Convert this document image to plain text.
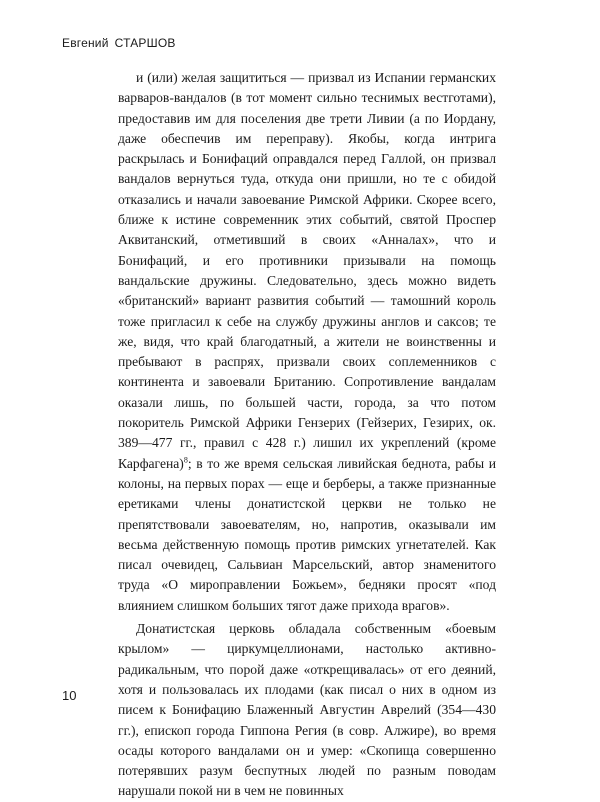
Евгений СТАРШОВ

и (или) желая защититься — призвал из Испании германских варваров-вандалов (в тот момент сильно теснимых вестготами), предоставив им для поселения две трети Ливии (а по Иордану, даже обеспечив им переправу). Якобы, когда интрига раскрылась и Бонифаций оправдался перед Галлой, он призвал вандалов вернуться туда, откуда они пришли, но те с обидой отказались и начали завоевание Римской Африки. Скорее всего, ближе к истине современник этих событий, святой Проспер Аквитанский, отметивший в своих «Анналах», что и Бонифаций, и его противники призывали на помощь вандальские дружины. Следовательно, здесь можно видеть «британский» вариант развития событий — тамошний король тоже пригласил к себе на службу дружины англов и саксов; те же, видя, что край благодатный, а жители не воинственны и пребывают в распрях, призвали своих соплеменников с континента и завоевали Британию. Сопротивление вандалам оказали лишь, по большей части, города, за что потом покоритель Римской Африки Гензерих (Гейзерих, Гезирих, ок. 389—477 гг., правил с 428 г.) лишил их укреплений (кроме Карфагена)$^8$; в то же время сельская ливийская беднота, рабы и колоны, на первых порах — еще и берберы, а также признанные еретиками члены донатистской церкви не только не препятствовали завоевателям, но, напротив, оказывали им весьма действенную помощь против римских угнетателей. Как писал очевидец, Сальвиан Марсельский, автор знаменитого труда «О мироправлении Божьем», бедняки просят «под влиянием слишком больших тягот даже прихода врагов».

Донатистская церковь обладала собственным «боевым крылом» — циркумцеллионами, настолько активно-радикальным, что порой даже «открещивалась» от его деяний, хотя и пользовалась их плодами (как писал о них в одном из писем к Бонифацию Блаженный Августин Аврелий (354—430 гг.), епископ города Гиппона Регия (в совр. Алжире), во время осады которого вандалами он и умер: «Скопища совершенно потерявших разум беспутных людей по разным поводам нарушали покой ни в чем не повинных

10
